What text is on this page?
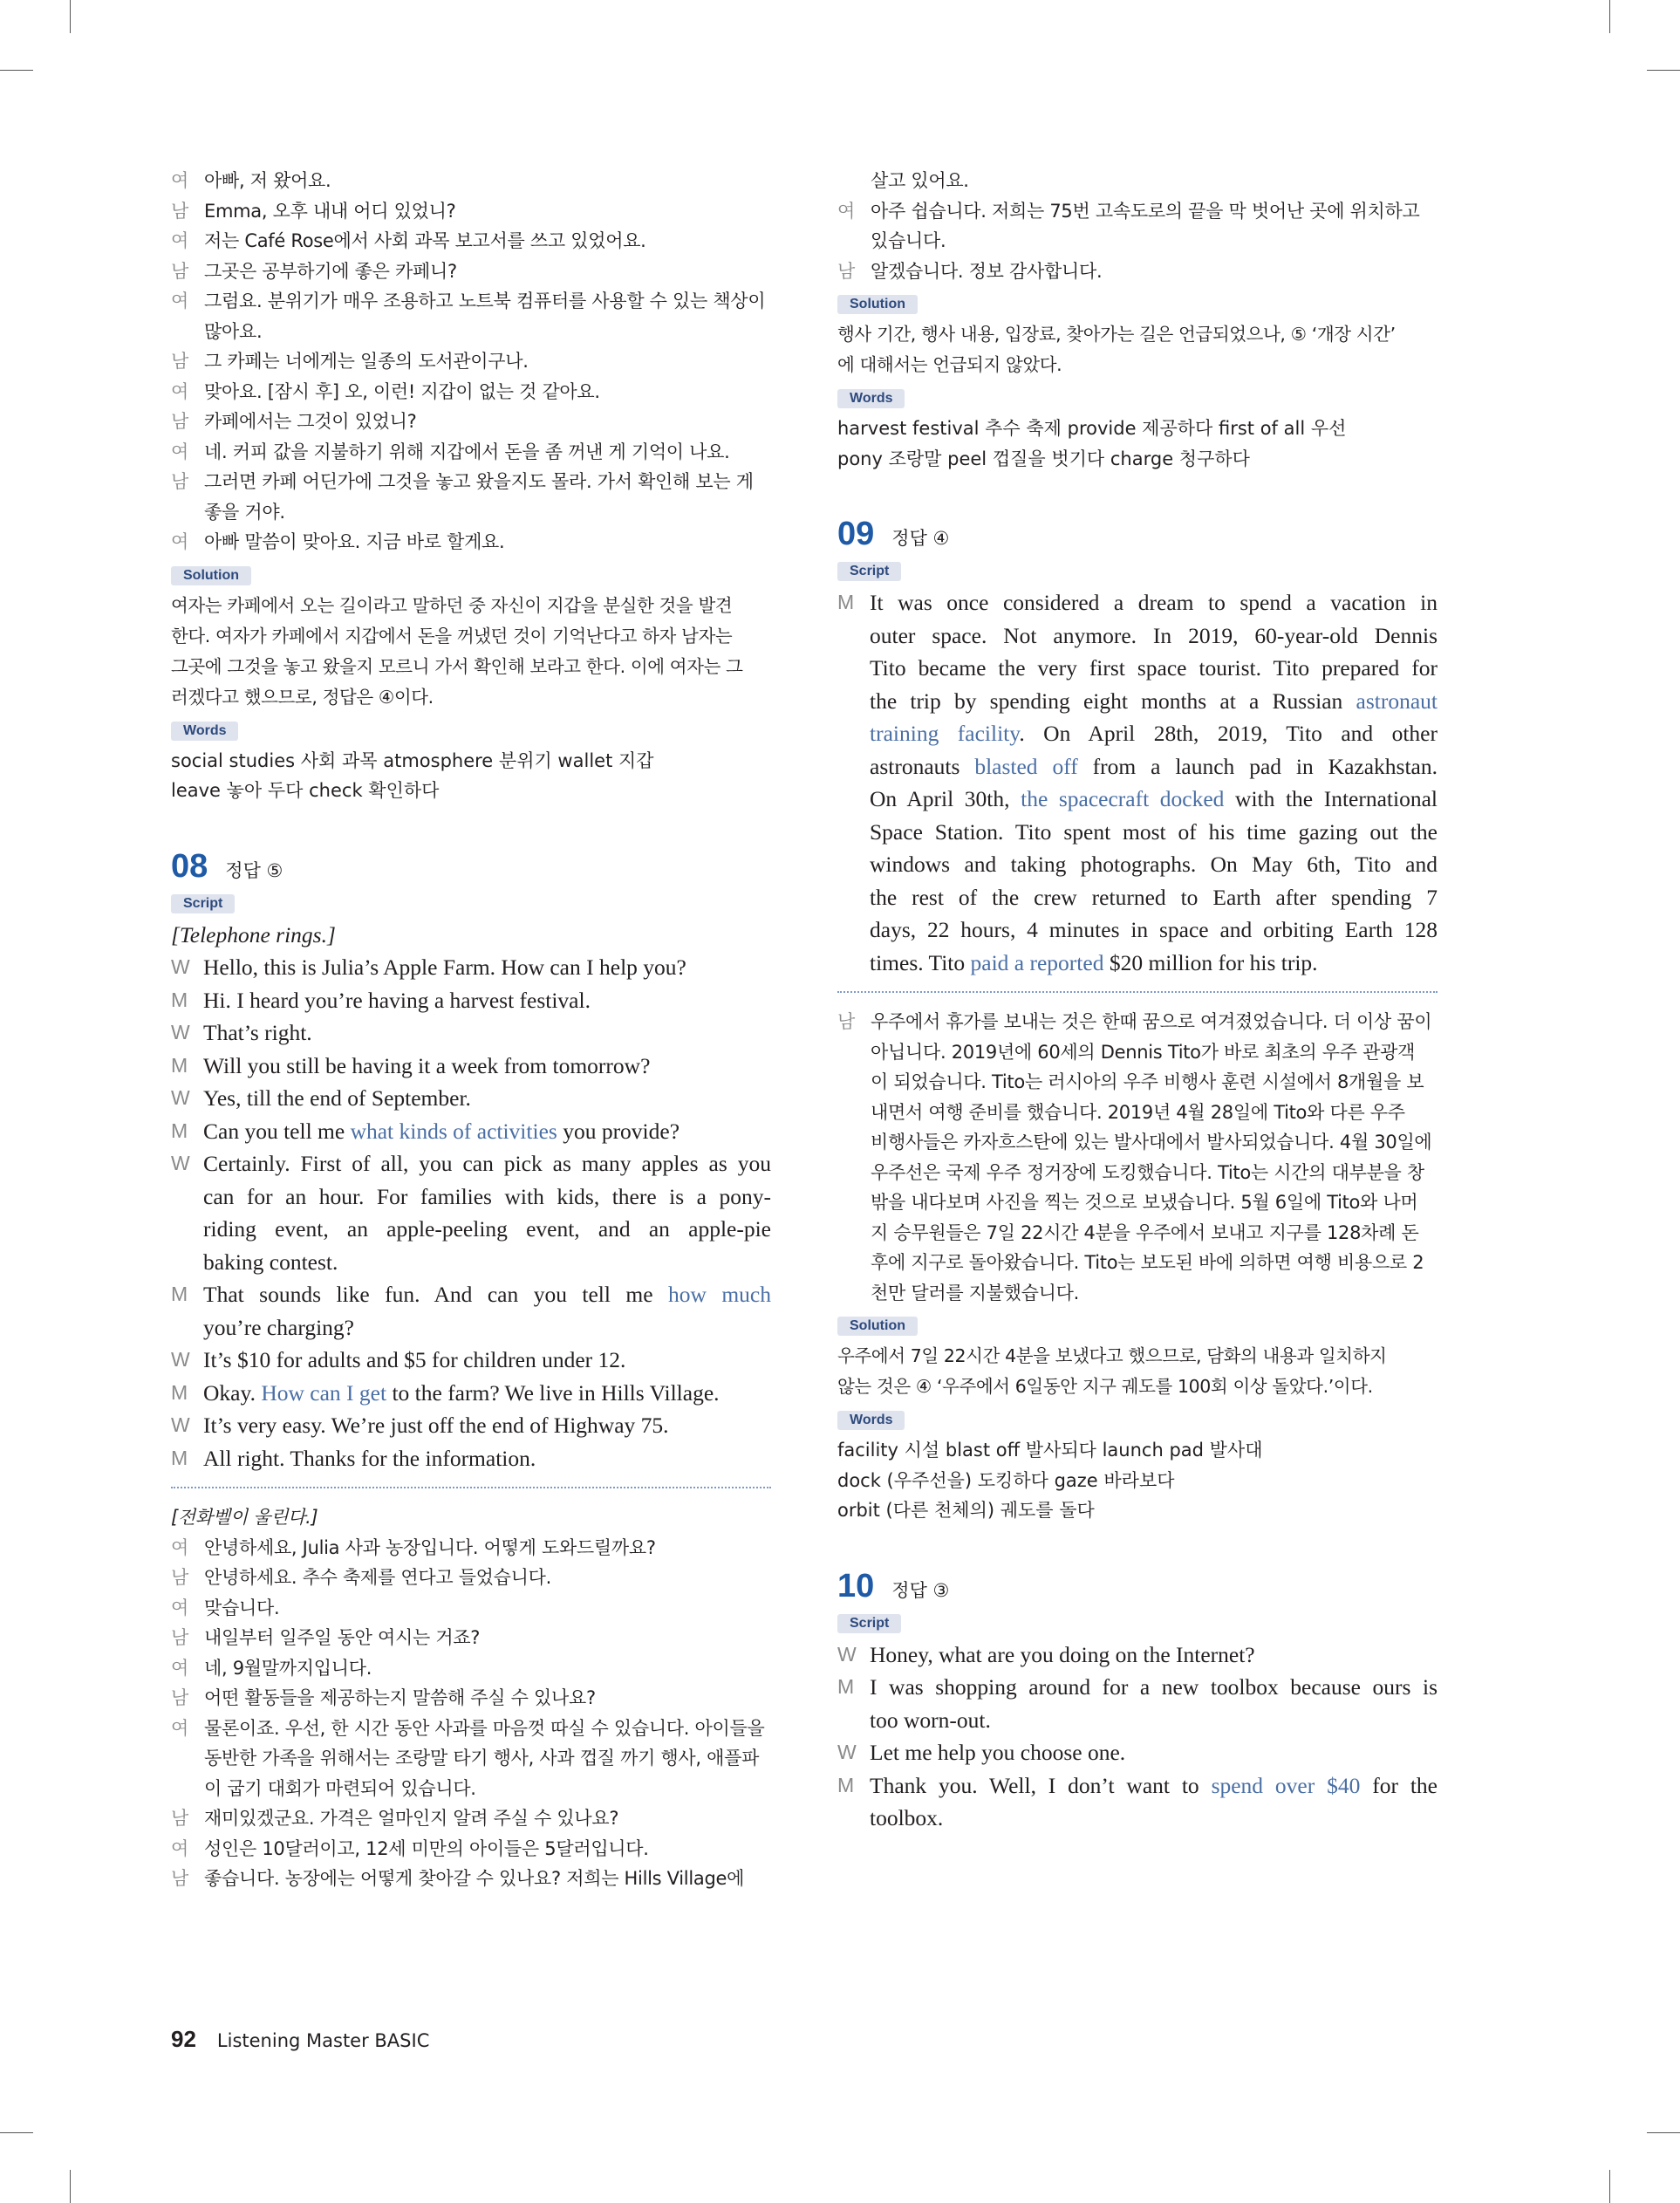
여 아빠, 저 왔어요.
남 Emma, 오후 내내 어디 있었니?
여 저는 Café Rose에서 사회 과목 보고서를 쓰고 있었어요.
남 그곳은 공부하기에 좋은 카페니?
여 그럼요. 분위기가 매우 조용하고 노트북 컴퓨터를 사용할 수 있는 책상이
많아요.
남 그 카페는 너에게는 일종의 도서관이구나.
여 맞아요. [잠시 후] 오, 이런! 지갑이 없는 것 같아요.
남 카페에서는 그것이 있었니?
여 네. 커피 값을 지불하기 위해 지갑에서 돈을 좀 꺼낸 게 기억이 나요.
남 그러면 카페 어딘가에 그것을 놓고 왔을지도 몰라. 가서 확인해 보는 게
좋을 거야.
여 아빠 말씀이 맞아요. 지금 바로 할게요.
Solution
여자는 카페에서 오는 길이라고 말하던 중 자신이 지갑을 분실한 것을 발견
한다. 여자가 카페에서 지갑에서 돈을 꺼냈던 것이 기억난다고 하자 남자는
그곳에 그것을 놓고 왔을지 모르니 가서 확인해 보라고 한다. 이에 여자는 그
러겠다고 했으므로, 정답은 ④이다.
Words
social studies 사회 과목 atmosphere 분위기 wallet 지갑
leave 놓아 두다 check 확인하다
08 정답 ⑤
Script
[Telephone rings.]
W Hello, this is Julia’s Apple Farm. How can I help you?
M Hi. I heard you’re having a harvest festival.
W That’s right.
M Will you still be having it a week from tomorrow?
W Yes, till the end of September.
M Can you tell me what kinds of activities you provide?
W Certainly. First of all, you can pick as many apples as you
can for an hour. For families with kids, there is a pony-
riding event, an apple-peeling event, and an apple-pie
baking contest.
M That sounds like fun. And can you tell me how much
you’re charging?
W It’s $10 for adults and $5 for children under 12.
M Okay. How can I get to the farm? We live in Hills Village.
W It’s very easy. We’re just off the end of Highway 75.
M All right. Thanks for the information.
[전화벨이 울린다.]
여 안녕하세요, Julia 사과 농장입니다. 어떻게 도와드릴까요?
남 안녕하세요. 추수 축제를 연다고 들었습니다.
여 맞습니다.
남 내일부터 일주일 동안 여시는 거죠?
여 네, 9월말까지입니다.
남 어떤 활동들을 제공하는지 말씀해 주실 수 있나요?
여 물론이죠. 우선, 한 시간 동안 사과를 마음껏 따실 수 있습니다. 아이들을
동반한 가족을 위해서는 조랑말 타기 행사, 사과 껍질 까기 행사, 애플파
이 굽기 대회가 마련되어 있습니다.
남 재미있겠군요. 가격은 얼마인지 알려 주실 수 있나요?
여 성인은 10달러이고, 12세 미만의 아이들은 5달러입니다.
남 좋습니다. 농장에는 어떻게 찾아갈 수 있나요? 저희는 Hills Village에
살고 있어요.
여 아주 쉽습니다. 저희는 75번 고속도로의 끝을 막 벗어난 곳에 위치하고
있습니다.
남 알겠습니다. 정보 감사합니다.
Solution
행사 기간, 행사 내용, 입장료, 찾아가는 길은 언급되었으나, ⑤ ‘개장 시간’
에 대해서는 언급되지 않았다.
Words
harvest festival 추수 축제 provide 제공하다 first of all 우선
pony 조랑말 peel 껍질을 벗기다 charge 청구하다
09 정답 ④
Script
M It was once considered a dream to spend a vacation in
outer space. Not anymore. In 2019, 60-year-old Dennis
Tito became the very first space tourist. Tito prepared for
the trip by spending eight months at a Russian astronaut
training facility. On April 28th, 2019, Tito and other
astronauts blasted off from a launch pad in Kazakhstan.
On April 30th, the spacecraft docked with the International
Space Station. Tito spent most of his time gazing out the
windows and taking photographs. On May 6th, Tito and
the rest of the crew returned to Earth after spending 7
days, 22 hours, 4 minutes in space and orbiting Earth 128
times. Tito paid a reported $20 million for his trip.
남 우주에서 휴가를 보내는 것은 한때 꿈으로 여겨졌었습니다. 더 이상 꿈이
아닙니다. 2019년에 60세의 Dennis Tito가 바로 최초의 우주 관광객
이 되었습니다. Tito는 러시아의 우주 비행사 훈련 시설에서 8개월을 보
내면서 여행 준비를 했습니다. 2019년 4월 28일에 Tito와 다른 우주
비행사들은 카자흐스탄에 있는 발사대에서 발사되었습니다. 4월 30일에
우주선은 국제 우주 정거장에 도킹했습니다. Tito는 시간의 대부분을 창
밖을 내다보며 사진을 찍는 것으로 보냈습니다. 5월 6일에 Tito와 나머
지 승무원들은 7일 22시간 4분을 우주에서 보내고 지구를 128차례 돈
후에 지구로 돌아왔습니다. Tito는 보도된 바에 의하면 여행 비용으로 2
천만 달러를 지불했습니다.
Solution
우주에서 7일 22시간 4분을 보냈다고 했으므로, 담화의 내용과 일치하지
않는 것은 ④ ‘우주에서 6일동안 지구 궤도를 100회 이상 돌았다.’이다.
Words
facility 시설 blast off 발사되다 launch pad 발사대
dock (우주선을) 도킹하다 gaze 바라보다
orbit (다른 천체의) 궤도를 돌다
10 정답 ③
Script
W Honey, what are you doing on the Internet?
M I was shopping around for a new toolbox because ours is
too worn-out.
W Let me help you choose one.
M Thank you. Well, I don’t want to spend over $40 for the
toolbox.
92 Listening Master BASIC
